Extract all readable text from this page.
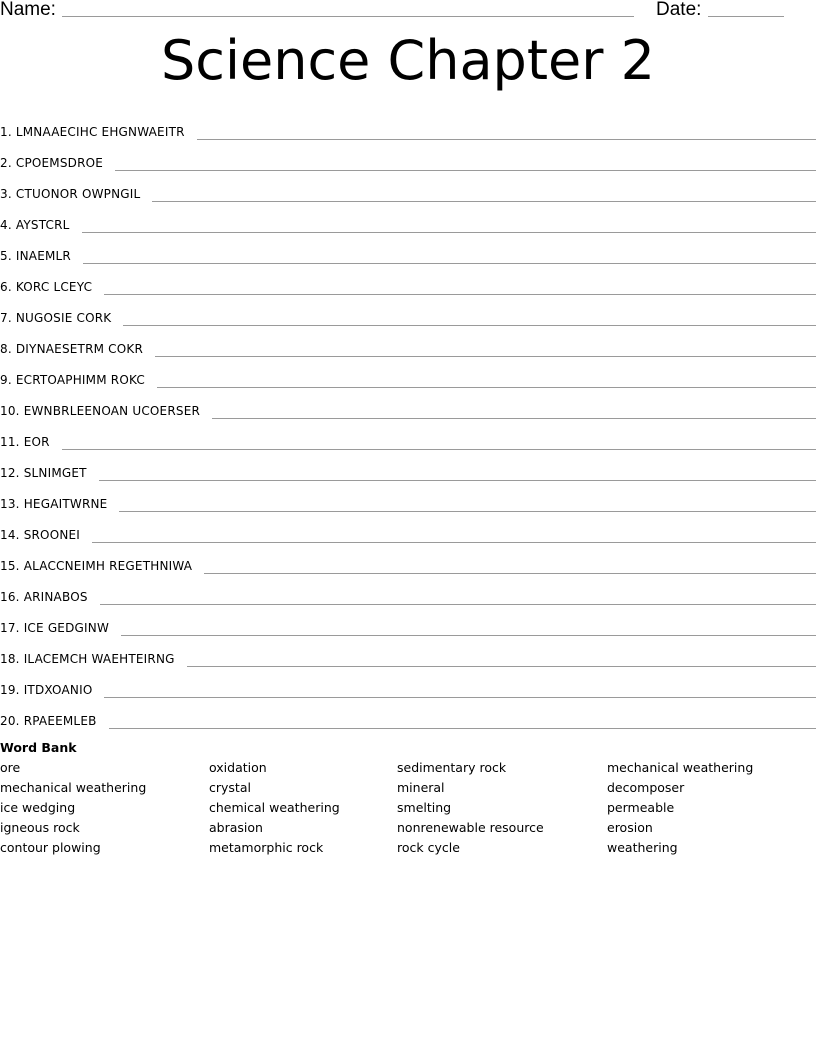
Name:	Date:
Science Chapter 2
1. LMNAAECIHC EHGNWAEITR
2. CPOEMSDROE
3. CTUONOR OWPNGIL
4. AYSTCRL
5. INAEMLR
6. KORC LCEYC
7. NUGOSIE CORK
8. DIYNAESETRM COKR
9. ECRTOAPHIMM ROKC
10. EWNBRLEENOAN UCOERSER
11. EOR
12. SLNIMGET
13. HEGAITWRNE
14. SROONEI
15. ALACCNEIMH REGETHNIWA
16. ARINABOS
17. ICE GEDGINW
18. ILACEMCH WAEHTEIRNG
19. ITDXOANIO
20. RPAEEMLEB
Word Bank
ore
mechanical weathering
ice wedging
igneous rock
contour plowing
oxidation
crystal
chemical weathering
abrasion
metamorphic rock
sedimentary rock
mineral
smelting
nonrenewable resource
rock cycle
mechanical weathering
decomposer
permeable
erosion
weathering
